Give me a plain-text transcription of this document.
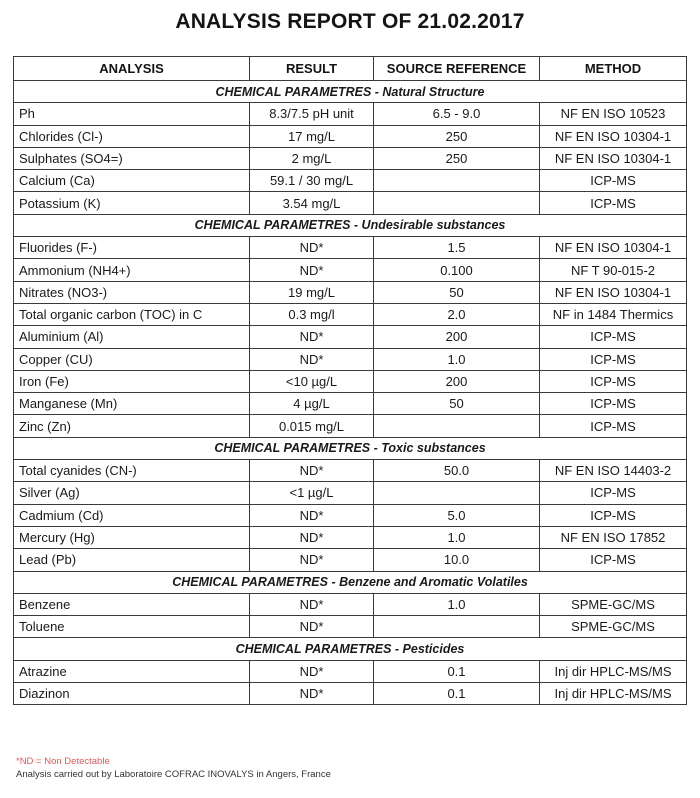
ANALYSIS REPORT OF 21.02.2017
ANALYSIS	RESULT	SOURCE REFERENCE	METHOD
CHEMICAL PARAMETRES - Natural Structure			
Ph	8.3/7.5 pH unit	6.5 - 9.0	NF EN ISO 10523
Chlorides (Cl-)	17 mg/L	250	NF EN ISO 10304-1
Sulphates (SO4=)	2 mg/L	250	NF EN ISO 10304-1
Calcium (Ca)	59.1 / 30 mg/L		ICP-MS
Potassium (K)	3.54 mg/L		ICP-MS
CHEMICAL PARAMETRES - Undesirable substances			
Fluorides (F-)	ND*	1.5	NF EN ISO 10304-1
Ammonium (NH4+)	ND*	0.100	NF T 90-015-2
Nitrates (NO3-)	19 mg/L	50	NF EN ISO 10304-1
Total organic carbon (TOC) in C	0.3 mg/l	2.0	NF in 1484 Thermics
Aluminium (Al)	ND*	200	ICP-MS
Copper (CU)	ND*	1.0	ICP-MS
Iron (Fe)	<10 µg/L	200	ICP-MS
Manganese (Mn)	4 µg/L	50	ICP-MS
Zinc (Zn)	0.015 mg/L		ICP-MS
CHEMICAL PARAMETRES - Toxic substances			
Total cyanides (CN-)	ND*	50.0	NF EN ISO 14403-2
Silver (Ag)	<1 µg/L		ICP-MS
Cadmium (Cd)	ND*	5.0	ICP-MS
Mercury (Hg)	ND*	1.0	NF EN ISO 17852
Lead (Pb)	ND*	10.0	ICP-MS
CHEMICAL PARAMETRES - Benzene and Aromatic Volatiles			
Benzene	ND*	1.0	SPME-GC/MS
Toluene	ND*		SPME-GC/MS
CHEMICAL PARAMETRES - Pesticides			
Atrazine	ND*	0.1	Inj dir HPLC-MS/MS
Diazinon	ND*	0.1	Inj dir HPLC-MS/MS
*ND = Non Detectable
Analysis carried out by Laboratoire COFRAC INOVALYS in Angers, France
